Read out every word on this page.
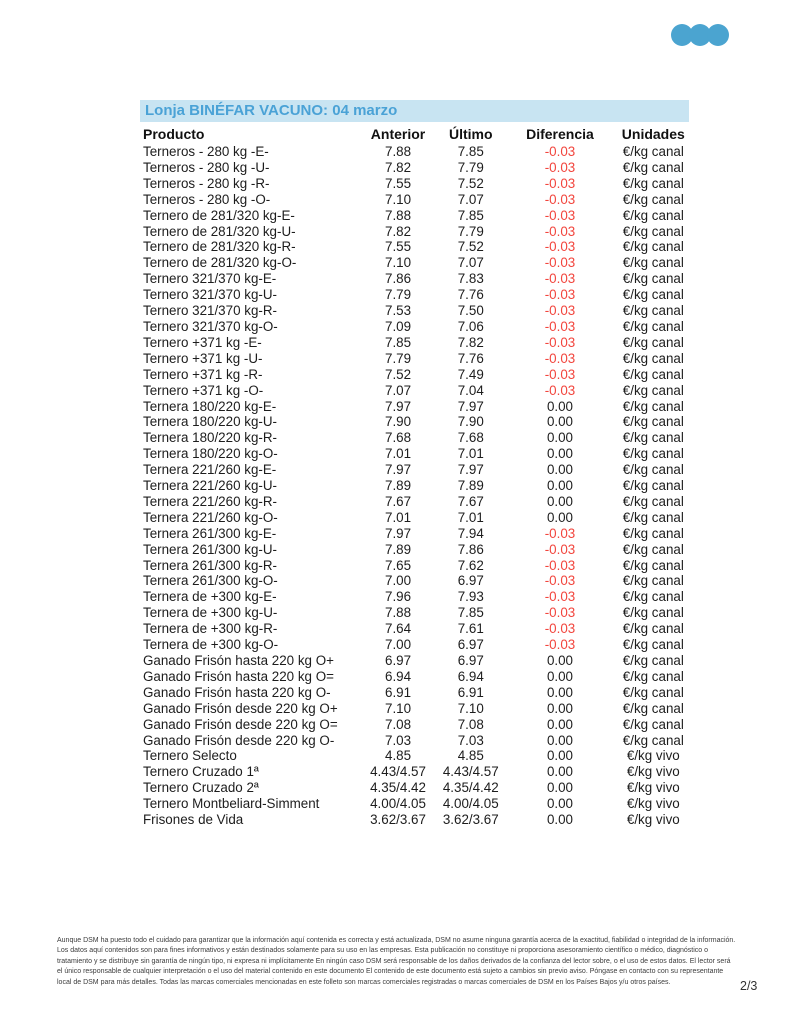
Lonja BINÉFAR VACUNO: 04 marzo
Producto	Anterior	Último	Diferencia	Unidades
Terneros - 280 kg -E-	7.88	7.85	-0.03	€/kg canal
Terneros - 280 kg -U-	7.82	7.79	-0.03	€/kg canal
Terneros - 280 kg -R-	7.55	7.52	-0.03	€/kg canal
Terneros - 280 kg -O-	7.10	7.07	-0.03	€/kg canal
Ternero de 281/320 kg-E-	7.88	7.85	-0.03	€/kg canal
Ternero de 281/320 kg-U-	7.82	7.79	-0.03	€/kg canal
Ternero de 281/320 kg-R-	7.55	7.52	-0.03	€/kg canal
Ternero de 281/320 kg-O-	7.10	7.07	-0.03	€/kg canal
Ternero 321/370 kg-E-	7.86	7.83	-0.03	€/kg canal
Ternero 321/370 kg-U-	7.79	7.76	-0.03	€/kg canal
Ternero 321/370 kg-R-	7.53	7.50	-0.03	€/kg canal
Ternero 321/370 kg-O-	7.09	7.06	-0.03	€/kg canal
Ternero +371 kg -E-	7.85	7.82	-0.03	€/kg canal
Ternero +371 kg -U-	7.79	7.76	-0.03	€/kg canal
Ternero +371 kg -R-	7.52	7.49	-0.03	€/kg canal
Ternero +371 kg -O-	7.07	7.04	-0.03	€/kg canal
Ternera 180/220 kg-E-	7.97	7.97	0.00	€/kg canal
Ternera 180/220 kg-U-	7.90	7.90	0.00	€/kg canal
Ternera 180/220 kg-R-	7.68	7.68	0.00	€/kg canal
Ternera 180/220 kg-O-	7.01	7.01	0.00	€/kg canal
Ternera 221/260 kg-E-	7.97	7.97	0.00	€/kg canal
Ternera 221/260 kg-U-	7.89	7.89	0.00	€/kg canal
Ternera 221/260 kg-R-	7.67	7.67	0.00	€/kg canal
Ternera 221/260 kg-O-	7.01	7.01	0.00	€/kg canal
Ternera 261/300 kg-E-	7.97	7.94	-0.03	€/kg canal
Ternera 261/300 kg-U-	7.89	7.86	-0.03	€/kg canal
Ternera 261/300 kg-R-	7.65	7.62	-0.03	€/kg canal
Ternera 261/300 kg-O-	7.00	6.97	-0.03	€/kg canal
Ternera de +300 kg-E-	7.96	7.93	-0.03	€/kg canal
Ternera de +300 kg-U-	7.88	7.85	-0.03	€/kg canal
Ternera de +300 kg-R-	7.64	7.61	-0.03	€/kg canal
Ternera de +300 kg-O-	7.00	6.97	-0.03	€/kg canal
Ganado Frisón hasta 220 kg O+	6.97	6.97	0.00	€/kg canal
Ganado Frisón hasta 220 kg O=	6.94	6.94	0.00	€/kg canal
Ganado Frisón hasta 220 kg O-	6.91	6.91	0.00	€/kg canal
Ganado Frisón desde 220 kg O+	7.10	7.10	0.00	€/kg canal
Ganado Frisón desde 220 kg O=	7.08	7.08	0.00	€/kg canal
Ganado Frisón desde 220 kg O-	7.03	7.03	0.00	€/kg canal
Ternero Selecto	4.85	4.85	0.00	€/kg vivo
Ternero Cruzado 1ª	4.43/4.57	4.43/4.57	0.00	€/kg vivo
Ternero Cruzado 2ª	4.35/4.42	4.35/4.42	0.00	€/kg vivo
Ternero Montbeliard-Simment	4.00/4.05	4.00/4.05	0.00	€/kg vivo
Frisones de Vida	3.62/3.67	3.62/3.67	0.00	€/kg vivo
Aunque DSM ha puesto todo el cuidado para garantizar que la información aquí contenida es correcta y está actualizada, DSM no asume ninguna garantía acerca de la exactitud, fiabilidad o integridad de la información. Los datos aquí contenidos son para fines informativos y están destinados solamente para su uso en las empresas. Esta publicación no constituye ni proporciona asesoramiento científico o médico, diagnóstico o tratamiento y se distribuye sin garantía de ningún tipo, ni expresa ni implícitamente En ningún caso DSM será responsable de los daños derivados de la confianza del lector sobre, o el uso de estos datos. El lector será el único responsable de cualquier interpretación o el uso del material contenido en este documento El contenido de este documento está sujeto a cambios sin previo aviso. Póngase en contacto con su representante local de DSM para más detalles. Todas las marcas comerciales mencionadas en este folleto son marcas comerciales registradas o marcas comerciales de DSM en los Países Bajos y/u otros países.	2/3
